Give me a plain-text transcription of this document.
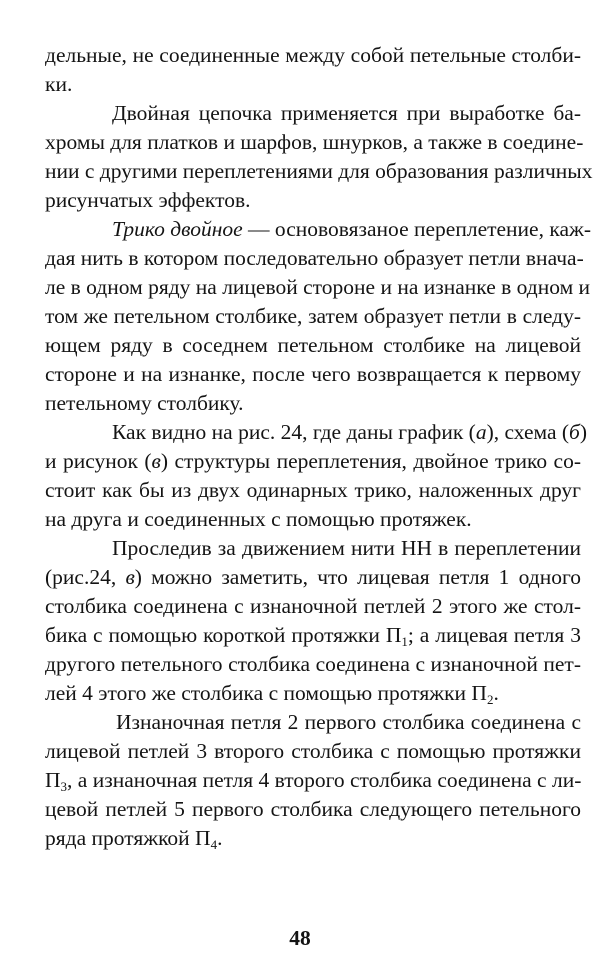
дельные, не соединенные между собой петельные столби-
ки.
Двойная цепочка применяется при выработке ба-
хромы для платков и шарфов, шнурков, а также в соедине-
нии с другими переплетениями для образования различных
рисунчатых эффектов.
Трико двойное — основовязаное переплетение, каж-
дая нить в котором последовательно образует петли внача-
ле в одном ряду на лицевой стороне и на изнанке в одном и
том же петельном столбике, затем образует петли в следу-
ющем ряду в соседнем петельном столбике на лицевой
стороне и на изнанке, после чего возвращается к первому
петельному столбику.
Как видно на рис. 24, где даны график (а), схема (б)
и рисунок (в) структуры переплетения, двойное трико со-
стоит как бы из двух одинарных трико, наложенных друг
на друга и соединенных с помощью протяжек.
Проследив за движением нити НН в переплетении
(рис.24, в) можно заметить, что лицевая петля 1 одного
столбика соединена с изнаночной петлей 2 этого же стол-
бика с помощью короткой протяжки $П_1$; а лицевая петля 3
другого петельного столбика соединена с изнаночной пет-
лей 4 этого же столбика с помощью протяжки $П_2$.
Изнаночная петля 2 первого столбика соединена с
лицевой петлей 3 второго столбика с помощью протяжки
$П_3$, а изнаночная петля 4 второго столбика соединена с ли-
цевой петлей 5 первого столбика следующего петельного
ряда протяжкой $П_4$.
48
